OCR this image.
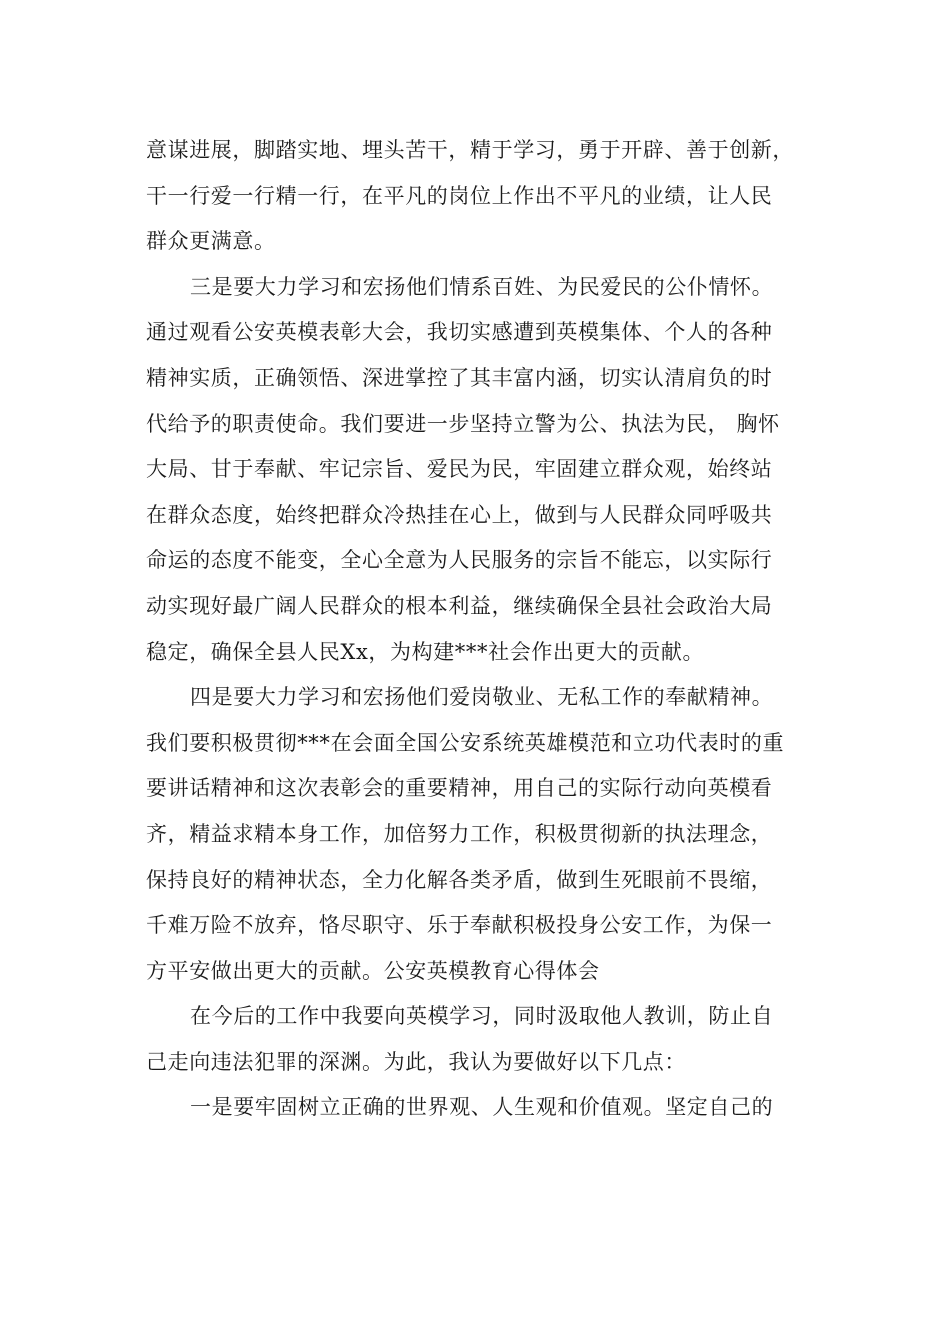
意谋进展，脚踏实地、埋头苦干，精于学习，勇于开辟、善于创新，
干一行爱一行精一行，在平凡的岗位上作出不平凡的业绩，让人民
群众更满意。
三是要大力学习和宏扬他们情系百姓、为民爱民的公仆情怀。
通过观看公安英模表彰大会，我切实感遭到英模集体、个人的各种
精神实质，正确领悟、深进掌控了其丰富内涵，切实认清肩负的时
代给予的职责使命。我们要进一步坚持立警为公、执法为民， 胸怀
大局、甘于奉献、牢记宗旨、爱民为民，牢固建立群众观，始终站
在群众态度，始终把群众冷热挂在心上，做到与人民群众同呼吸共
命运的态度不能变，全心全意为人民服务的宗旨不能忘，以实际行
动实现好最广阔人民群众的根本利益，继续确保全县社会政治大局
稳定，确保全县人民Xx，为构建***社会作出更大的贡献。
四是要大力学习和宏扬他们爱岗敬业、无私工作的奉献精神。
我们要积极贯彻***在会面全国公安系统英雄模范和立功代表时的重
要讲话精神和这次表彰会的重要精神，用自己的实际行动向英模看
齐，精益求精本身工作，加倍努力工作，积极贯彻新的执法理念，
保持良好的精神状态，全力化解各类矛盾，做到生死眼前不畏缩，
千难万险不放弃，恪尽职守、乐于奉献积极投身公安工作，为保一
方平安做出更大的贡献。公安英模教育心得体会
在今后的工作中我要向英模学习，同时汲取他人教训，防止自
己走向违法犯罪的深渊。为此，我认为要做好以下几点：
一是要牢固树立正确的世界观、人生观和价值观。坚定自己的
